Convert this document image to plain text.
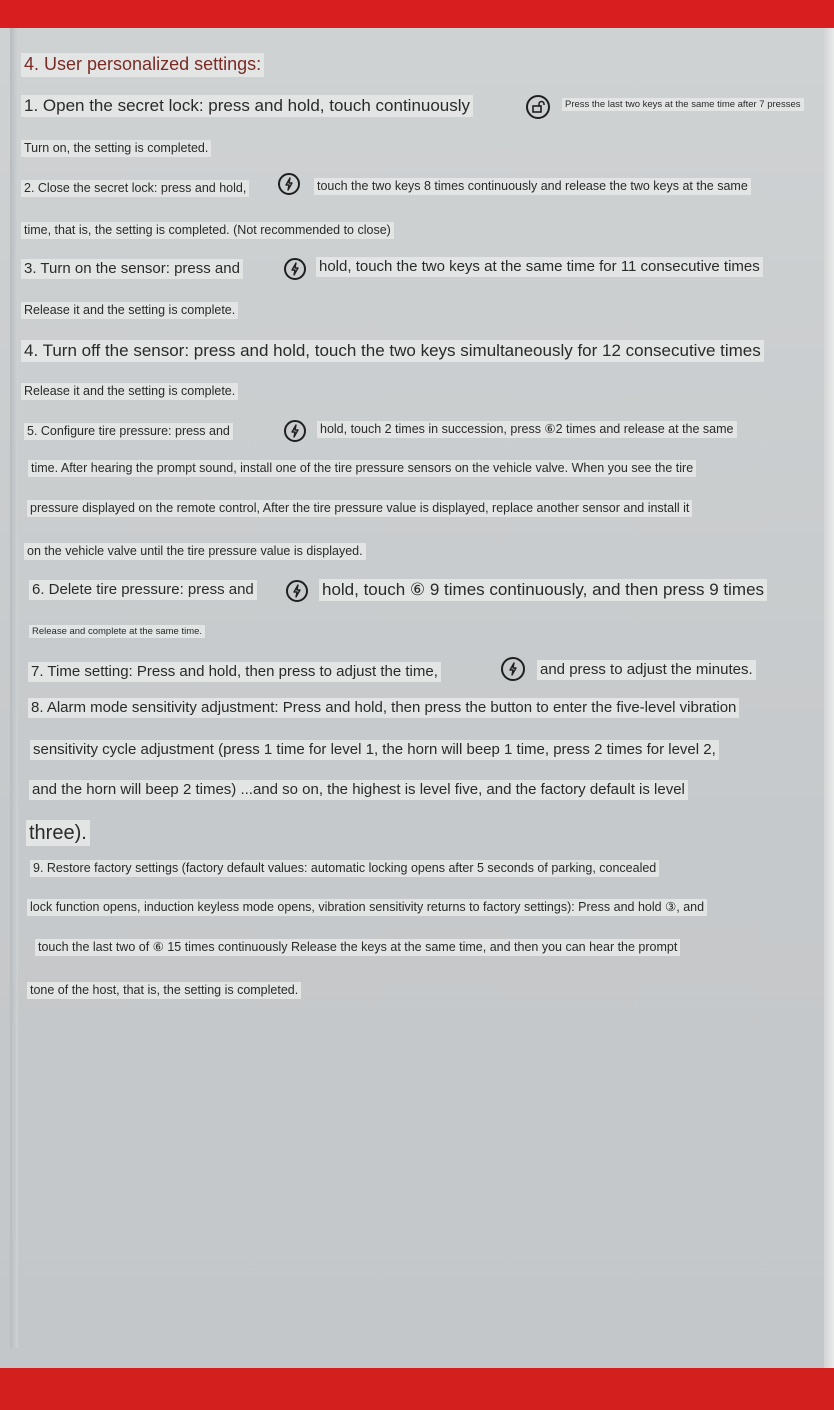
4. User personalized settings:
1. Open the secret lock: press and hold, touch continuously	Press the last two keys at the same time after 7 presses
Turn on, the setting is completed.
2. Close the secret lock: press and hold,	touch the two keys 8 times continuously and release the two keys at the same
time, that is, the setting is completed. (Not recommended to close)
3. Turn on the sensor: press and	hold, touch the two keys at the same time for 11 consecutive times
Release it and the setting is complete.
4. Turn off the sensor: press and hold, touch the two keys simultaneously for 12 consecutive times
Release it and the setting is complete.
5. Configure tire pressure: press and	hold, touch 2 times in succession, press ⑥2 times and release at the same
time. After hearing the prompt sound, install one of the tire pressure sensors on the vehicle valve. When you see the tire
pressure displayed on the remote control, After the tire pressure value is displayed, replace another sensor and install it
on the vehicle valve until the tire pressure value is displayed.
6. Delete tire pressure: press and	hold, touch ⑥ 9 times continuously, and then press 9 times
Release and complete at the same time.
7. Time setting: Press and hold, then press to adjust the time,	and press to adjust the minutes.
8. Alarm mode sensitivity adjustment: Press and hold, then press the button to enter the five-level vibration
sensitivity cycle adjustment (press 1 time for level 1, the horn will beep 1 time, press 2 times for level 2,
and the horn will beep 2 times) ...and so on, the highest is level five, and the factory default is level
three).
9. Restore factory settings (factory default values: automatic locking opens after 5 seconds of parking, concealed
lock function opens, induction keyless mode opens, vibration sensitivity returns to factory settings): Press and hold ③, and
touch the last two of ⑥ 15 times continuously Release the keys at the same time, and then you can hear the prompt
tone of the host, that is, the setting is completed.
